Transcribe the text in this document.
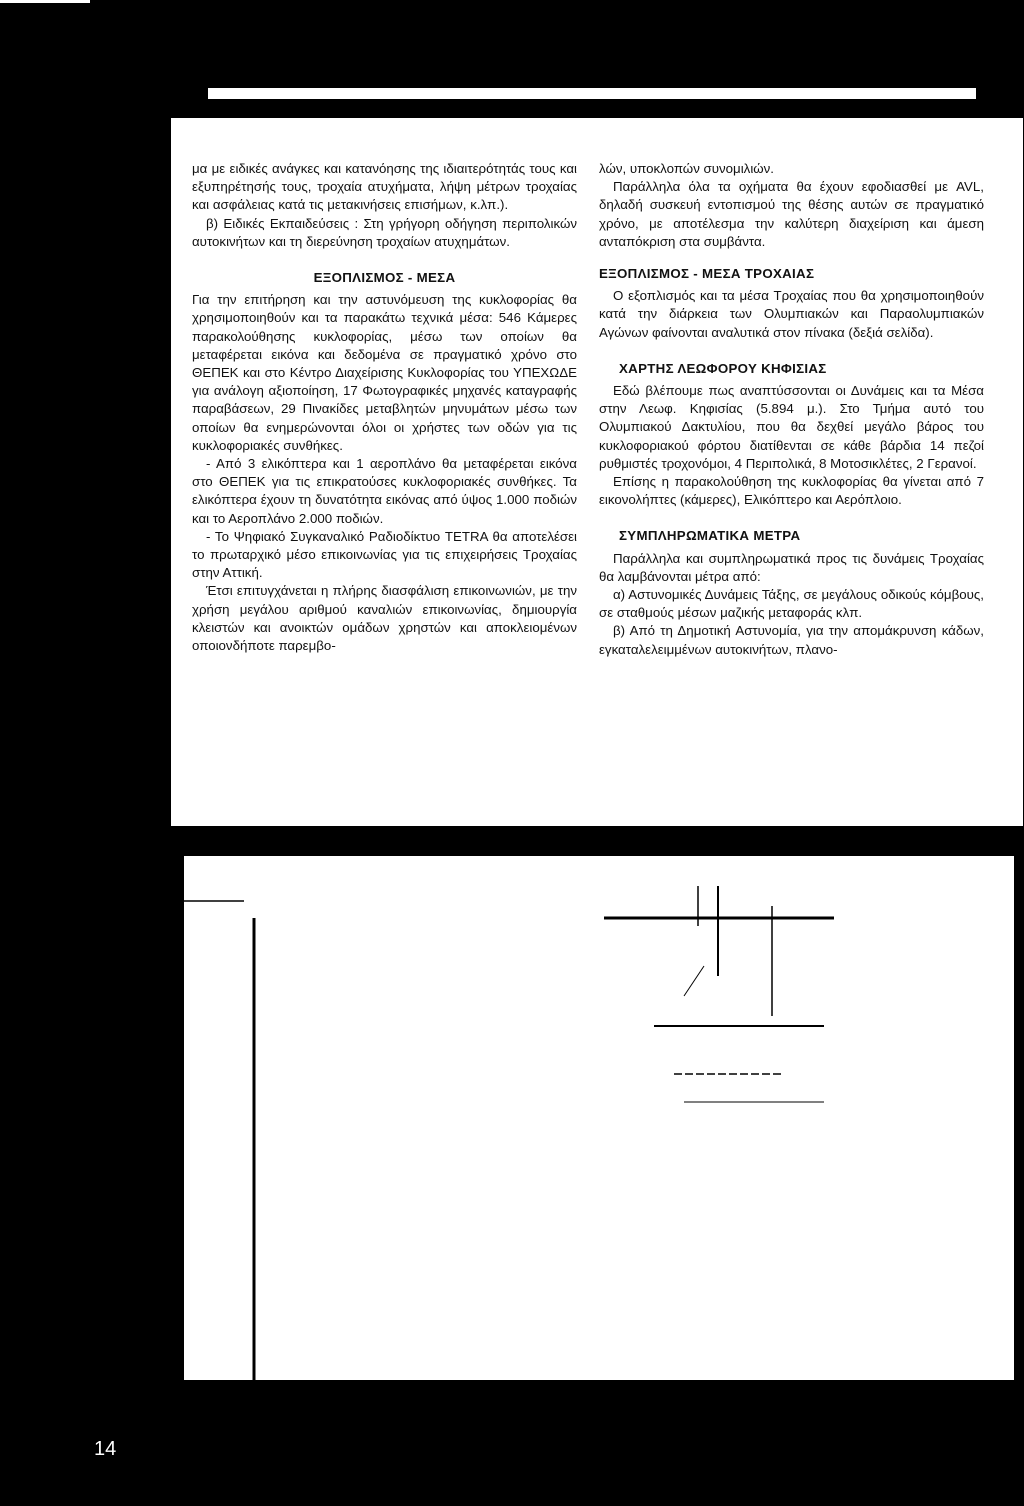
μα με ειδικές ανάγκες και κατανόησης της ιδιαιτερότητάς τους και εξυπηρέτησής τους, τροχαία ατυχήματα, λήψη μέτρων τροχαίας και ασφάλειας κατά τις μετακινήσεις επισήμων, κ.λπ.).

β) Ειδικές Εκπαιδεύσεις : Στη γρήγορη οδήγηση περιπολικών αυτοκινήτων και τη διερεύνηση τροχαίων ατυχημάτων.

ΕΞΟΠΛΙΣΜΟΣ - ΜΕΣΑ

Για την επιτήρηση και την αστυνόμευση της κυκλοφορίας θα χρησιμοποιηθούν και τα παρακάτω τεχνικά μέσα: 546 Κάμερες παρακολούθησης κυκλοφορίας, μέσω των οποίων θα μεταφέρεται εικόνα και δεδομένα σε πραγματικό χρόνο στο ΘΕΠΕΚ και στο Κέντρο Διαχείρισης Κυκλοφορίας του ΥΠΕΧΩΔΕ για ανάλογη αξιοποίηση, 17 Φωτογραφικές μηχανές καταγραφής παραβάσεων, 29 Πινακίδες μεταβλητών μηνυμάτων μέσω των οποίων θα ενημερώνονται όλοι οι χρήστες των οδών για τις κυκλοφοριακές συνθήκες.

- Από 3 ελικόπτερα και 1 αεροπλάνο θα μεταφέρεται εικόνα στο ΘΕΠΕΚ για τις επικρατούσες κυκλοφοριακές συνθήκες. Τα ελικόπτερα έχουν τη δυνατότητα εικόνας από ύψος 1.000 ποδιών και το Αεροπλάνο 2.000 ποδιών.

- Το Ψηφιακό Συγκαναλικό Ραδιοδίκτυο TETRA θα αποτελέσει το πρωταρχικό μέσο επικοινωνίας για τις επιχειρήσεις Τροχαίας στην Αττική.

Έτσι επιτυγχάνεται η πλήρης διασφάλιση επικοινωνιών, με την χρήση μεγάλου αριθμού καναλιών επικοινωνίας, δημιουργία κλειστών και ανοικτών ομάδων χρηστών και αποκλειομένων οποιονδήποτε παρεμβο-

λών, υποκλοπών συνομιλιών.

Παράλληλα όλα τα οχήματα θα έχουν εφοδιασθεί με AVL, δηλαδή συσκευή εντοπισμού της θέσης αυτών σε πραγματικό χρόνο, με αποτέλεσμα την καλύτερη διαχείριση και άμεση ανταπόκριση στα συμβάντα.

ΕΞΟΠΛΙΣΜΟΣ - ΜΕΣΑ ΤΡΟΧΑΙΑΣ

Ο εξοπλισμός και τα μέσα Τροχαίας που θα χρησιμοποιηθούν κατά την διάρκεια των Ολυμπιακών και Παραολυμπιακών Αγώνων φαίνονται αναλυτικά στον πίνακα (δεξιά σελίδα).

ΧΑΡΤΗΣ ΛΕΩΦΟΡΟΥ ΚΗΦΙΣΙΑΣ

Εδώ βλέπουμε πως αναπτύσσονται οι Δυνάμεις και τα Μέσα στην Λεωφ. Κηφισίας (5.894 μ.). Στο Τμήμα αυτό του Ολυμπιακού Δακτυλίου, που θα δεχθεί μεγάλο βάρος του κυκλοφοριακού φόρτου διατίθενται σε κάθε βάρδια 14 πεζοί ρυθμιστές τροχονόμοι, 4 Περιπολικά, 8 Μοτοσικλέτες, 2 Γερανοί.

Επίσης η παρακολούθηση της κυκλοφορίας θα γίνεται από 7 εικονολήπτες (κάμερες), Ελικόπτερο και Αερόπλοιο.

ΣΥΜΠΛΗΡΩΜΑΤΙΚΑ ΜΕΤΡΑ

Παράλληλα και συμπληρωματικά προς τις δυνάμεις Τροχαίας θα λαμβάνονται μέτρα από:

α) Αστυνομικές Δυνάμεις Τάξης, σε μεγάλους οδικούς κόμβους, σε σταθμούς μέσων μαζικής μεταφοράς κλπ.

β) Από τη Δημοτική Αστυνομία, για την απομάκρυνση κάδων, εγκαταλελειμμένων αυτοκινήτων, πλανο-

ΨΥΧΙΚΟ
14
